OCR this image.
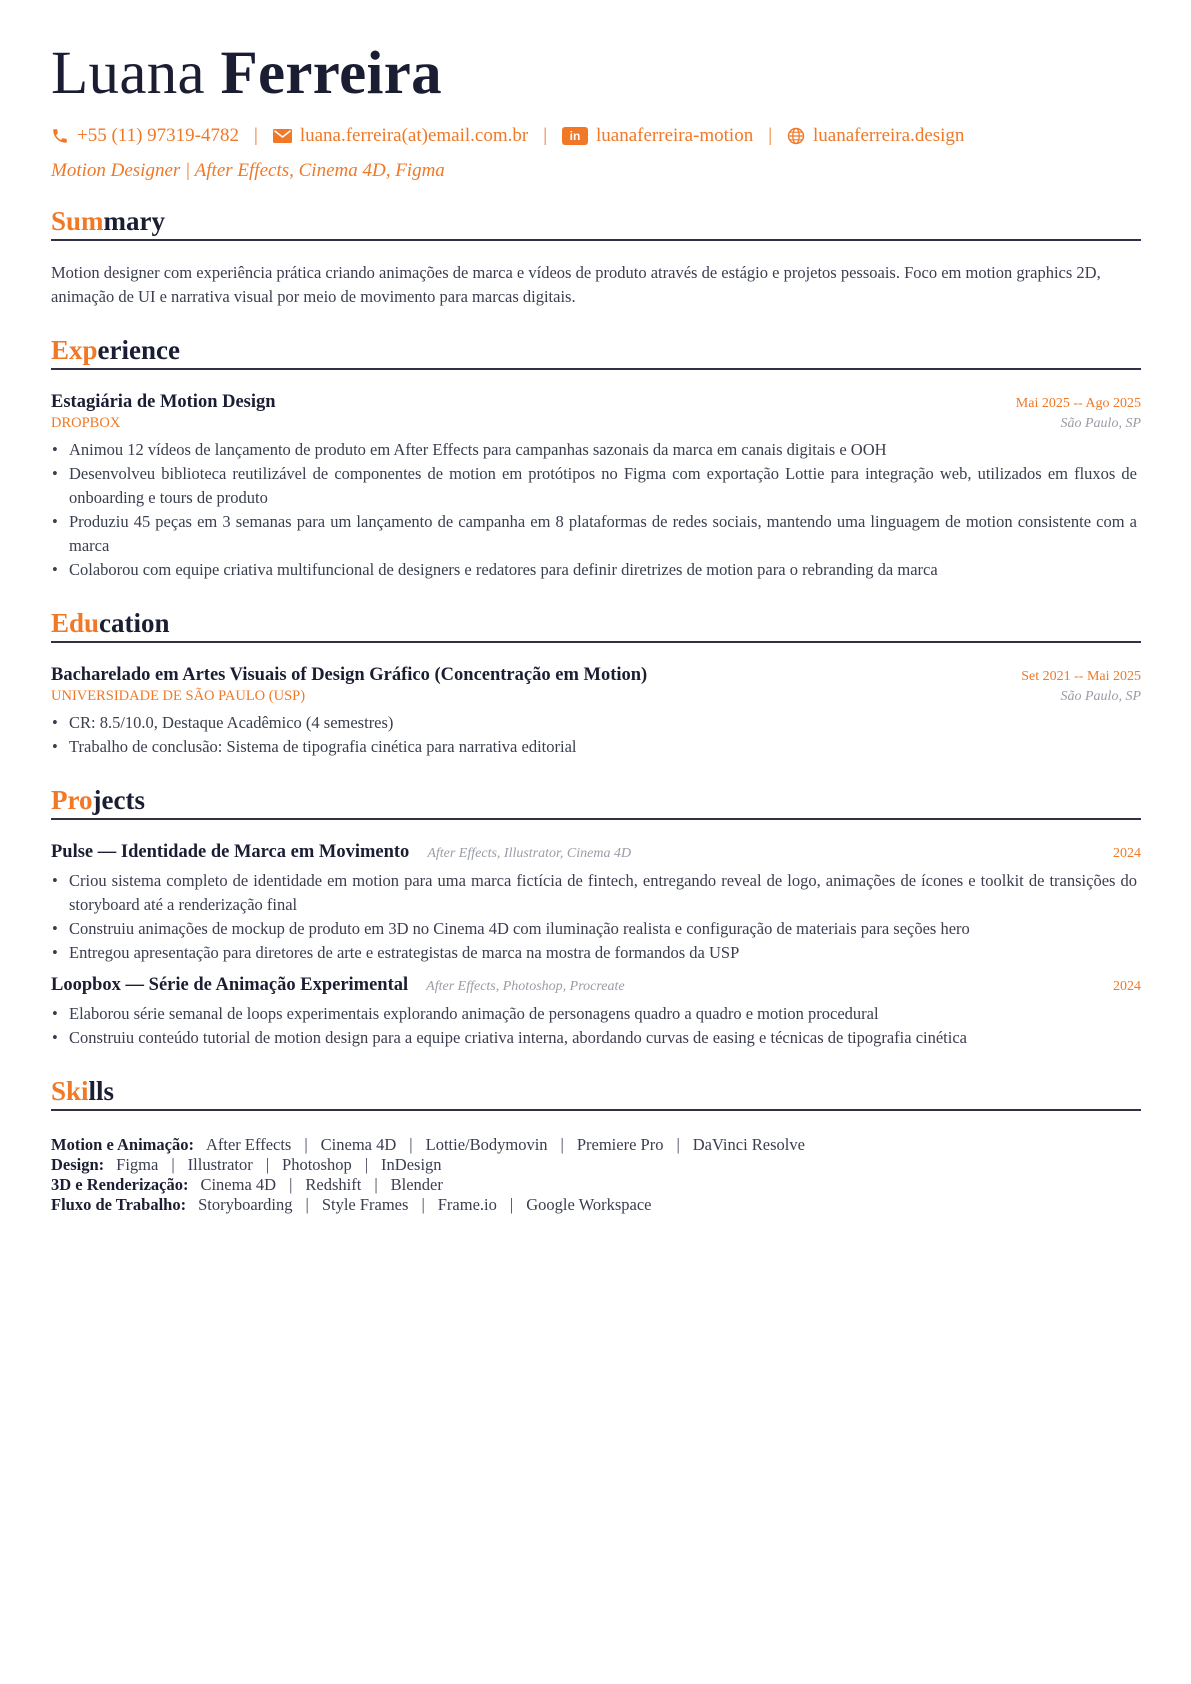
Luana Ferreira
+55 (11) 97319-4782 | luana.ferreira(at)email.com.br |	in luanaferreira-motion | luanaferreira.design
Motion Designer | After Effects, Cinema 4D, Figma
Summary
Motion designer com experiência prática criando animações de marca e vídeos de produto através de estágio e projetos pessoais. Foco em motion graphics 2D, animação de UI e narrativa visual por meio de movimento para marcas digitais.
Experience
Estagiária de Motion Design	Mai 2025 -- Ago 2025
DROPBOX	São Paulo, SP
• Animou 12 vídeos de lançamento de produto em After Effects para campanhas sazonais da marca em canais digitais e OOH
• Desenvolveu biblioteca reutilizável de componentes de motion em protótipos no Figma com exportação Lottie para integração web, utilizados em fluxos de onboarding e tours de produto
• Produziu 45 peças em 3 semanas para um lançamento de campanha em 8 plataformas de redes sociais, mantendo uma linguagem de motion consistente com a marca
• Colaborou com equipe criativa multifuncional de designers e redatores para definir diretrizes de motion para o rebranding da marca
Education
Bacharelado em Artes Visuais of Design Gráfico (Concentração em Motion)	Set 2021 -- Mai 2025
UNIVERSIDADE DE SÃO PAULO (USP)	São Paulo, SP
• CR: 8.5/10.0, Destaque Acadêmico (4 semestres)
• Trabalho de conclusão: Sistema de tipografia cinética para narrativa editorial
Projects
Pulse — Identidade de Marca em Movimento After Effects, Illustrator, Cinema 4D	2024
• Criou sistema completo de identidade em motion para uma marca fictícia de fintech, entregando reveal de logo, animações de ícones e toolkit de transições do storyboard até a renderização final
• Construiu animações de mockup de produto em 3D no Cinema 4D com iluminação realista e configuração de materiais para seções hero
• Entregou apresentação para diretores de arte e estrategistas de marca na mostra de formandos da USP
Loopbox — Série de Animação Experimental After Effects, Photoshop, Procreate	2024
• Elaborou série semanal de loops experimentais explorando animação de personagens quadro a quadro e motion procedural
• Construiu conteúdo tutorial de motion design para a equipe criativa interna, abordando curvas de easing e técnicas de tipografia cinética
Skills
Motion e Animação: After Effects | Cinema 4D | Lottie/Bodymovin | Premiere Pro | DaVinci Resolve
Design: Figma | Illustrator | Photoshop | InDesign
3D e Renderização: Cinema 4D | Redshift | Blender
Fluxo de Trabalho: Storyboarding | Style Frames | Frame.io | Google Workspace
